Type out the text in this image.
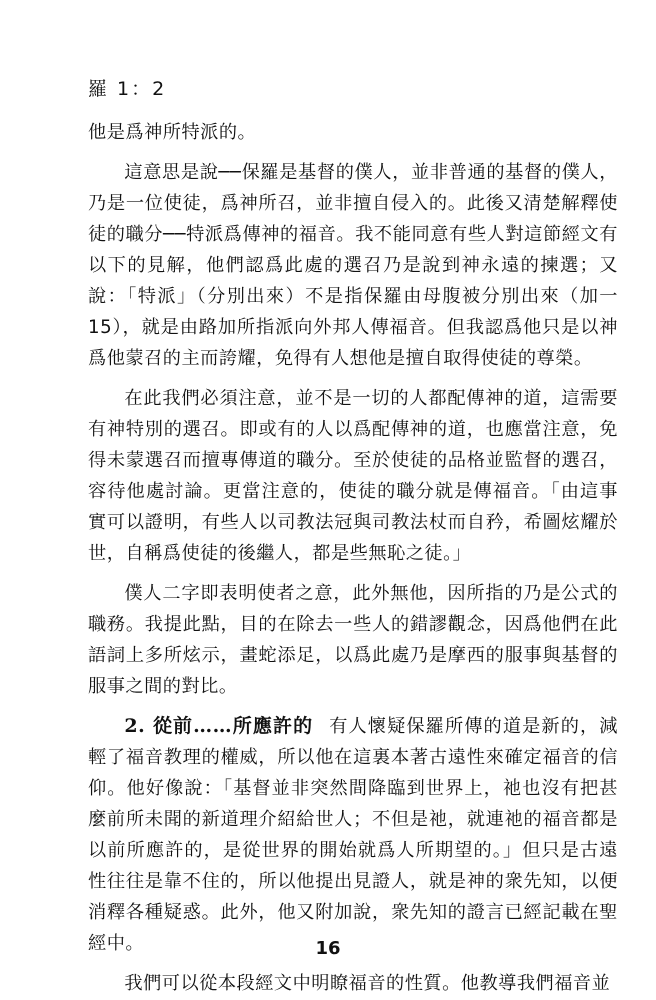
羅 1：2

他是爲神所特派的。

這意思是說──保羅是基督的僕人，並非普通的基督的僕人，乃是一位使徒，爲神所召，並非擅自侵入的。此後又清楚解釋使徒的職分──特派爲傳神的福音。我不能同意有些人對這節經文有以下的見解，他們認爲此處的選召乃是說到神永遠的揀選；又說：「特派」（分別出來）不是指保羅由母腹被分別出來（加一 15），就是由路加所指派向外邦人傳福音。但我認爲他只是以神爲他蒙召的主而誇耀，免得有人想他是擅自取得使徒的尊榮。

在此我們必須注意，並不是一切的人都配傳神的道，這需要有神特別的選召。即或有的人以爲配傳神的道，也應當注意，免得未蒙選召而擅專傳道的職分。至於使徒的品格並監督的選召，容待他處討論。更當注意的，使徒的職分就是傳福音。「由這事實可以證明，有些人以司教法冠與司教法杖而自矜，希圖炫耀於世，自稱爲使徒的後繼人，都是些無恥之徒。」

僕人二字即表明使者之意，此外無他，因所指的乃是公式的職務。我提此點，目的在除去一些人的錯謬觀念，因爲他們在此語詞上多所炫示，畫蛇添足，以爲此處乃是摩西的服事與基督的服事之間的對比。

2. 從前……所應許的 有人懷疑保羅所傳的道是新的，減輕了福音教理的權威，所以他在這裏本著古遠性來確定福音的信仰。他好像說：「基督並非突然間降臨到世界上，祂也沒有把甚麼前所未聞的新道理介紹給世人；不但是祂，就連祂的福音都是以前所應許的，是從世界的開始就爲人所期望的。」但只是古遠性往往是靠不住的，所以他提出見證人，就是神的衆先知，以便消釋各種疑惑。此外，他又附加說，衆先知的證言已經記載在聖經中。

我們可以從本段經文中明瞭福音的性質。他教導我們福音並

16
